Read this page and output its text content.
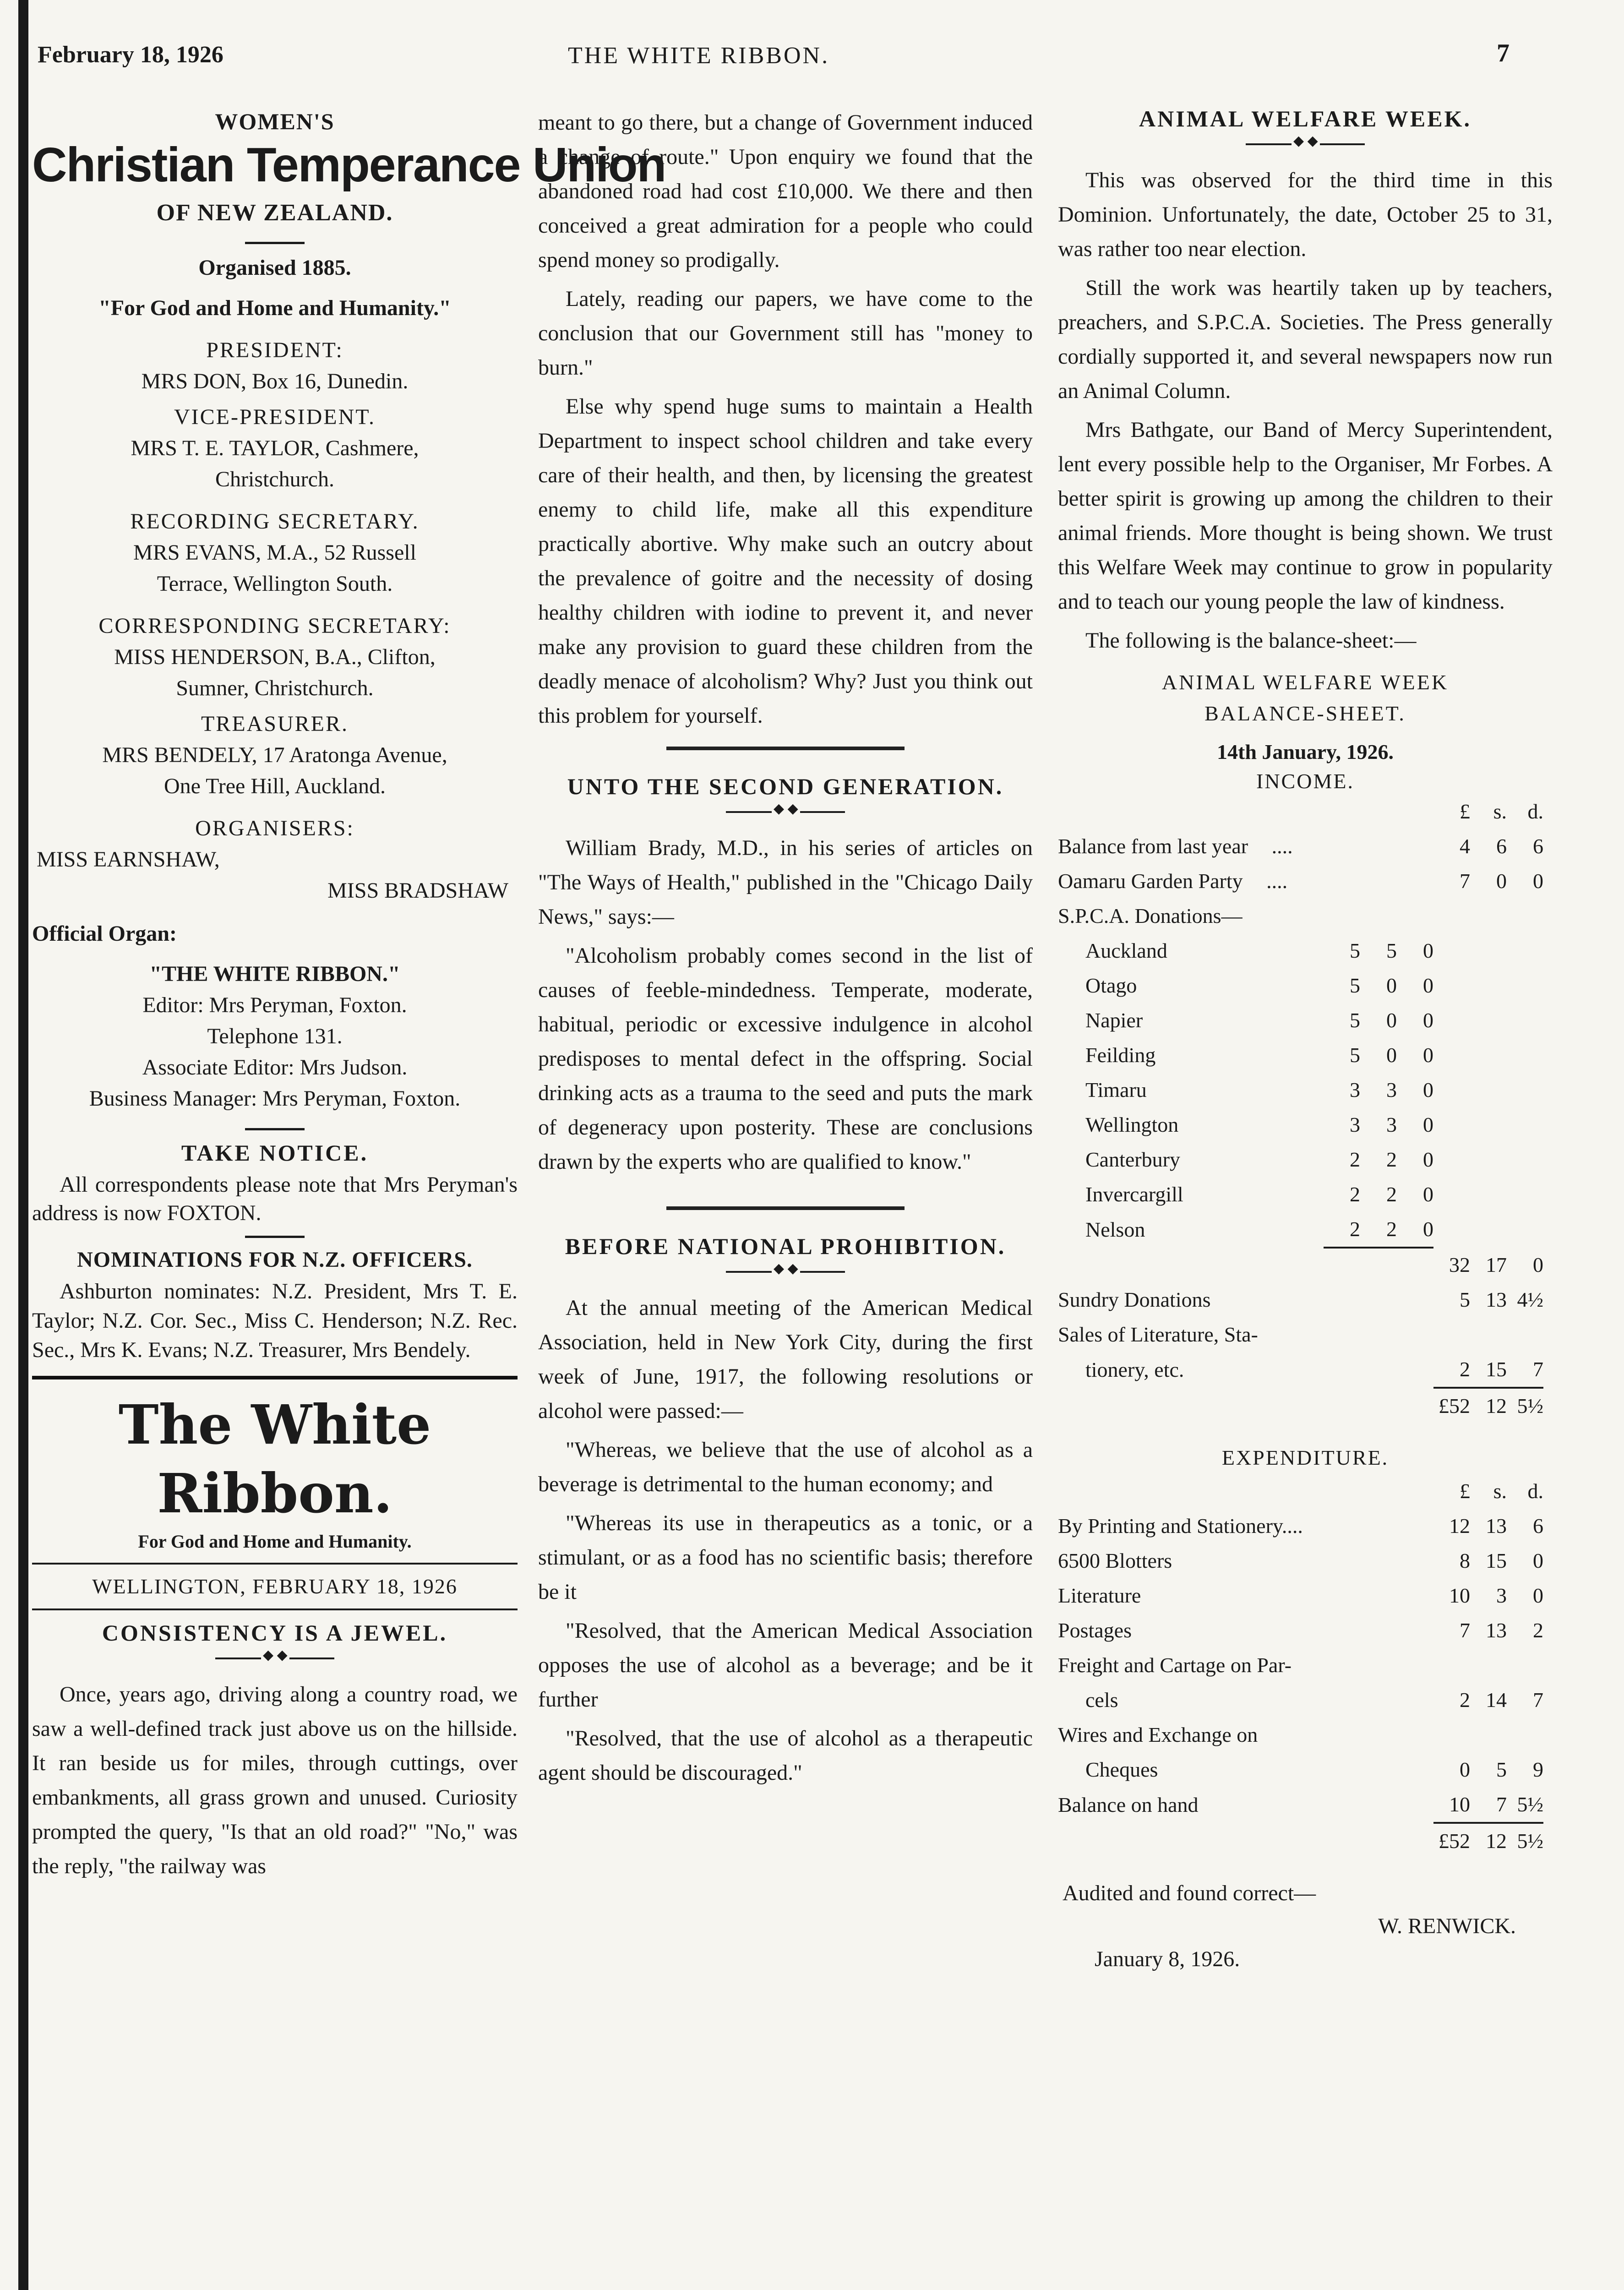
February 18, 1926	THE WHITE RIBBON.	7
WOMEN'S
Christian Temperance Union
OF NEW ZEALAND.
Organised 1885.
"For God and Home and Humanity."
PRESIDENT:
MRS DON, Box 16, Dunedin.
VICE-PRESIDENT.
MRS T. E. TAYLOR, Cashmere,
Christchurch.
RECORDING SECRETARY.
MRS EVANS, M.A., 52 Russell
Terrace, Wellington South.
CORRESPONDING SECRETARY:
MISS HENDERSON, B.A., Clifton,
Sumner, Christchurch.
TREASURER.
MRS BENDELY, 17 Aratonga Avenue,
One Tree Hill, Auckland.
ORGANISERS:
MISS EARNSHAW,
MISS BRADSHAW
Official Organ:
"THE WHITE RIBBON."
Editor: Mrs Peryman, Foxton.
Telephone 131.
Associate Editor: Mrs Judson.
Business Manager: Mrs Peryman, Foxton.
TAKE NOTICE.

All correspondents please note that Mrs Peryman's address is now FOXTON.

NOMINATIONS FOR N.Z. OFFICERS.

Ashburton nominates: N.Z. President, Mrs T. E. Taylor; N.Z. Cor. Sec., Miss C. Henderson; N.Z. Rec. Sec., Mrs K. Evans; N.Z. Treasurer, Mrs Bendely.

The White Ribbon.
For God and Home and Humanity.
WELLINGTON, FEBRUARY 18, 1926
CONSISTENCY IS A JEWEL.
◆ ◆

Once, years ago, driving along a country road, we saw a well-defined track just above us on the hillside. It ran beside us for miles, through cuttings, over embankments, all grass grown and unused. Curiosity prompted the query, "Is that an old road?" "No," was the reply, "the railway was

meant to go there, but a change of Government induced a change of route." Upon enquiry we found that the abandoned road had cost £10,000. We there and then conceived a great admiration for a people who could spend money so prodigally.

Lately, reading our papers, we have come to the conclusion that our Government still has "money to burn."

Else why spend huge sums to maintain a Health Department to inspect school children and take every care of their health, and then, by licensing the greatest enemy to child life, make all this expenditure practically abortive. Why make such an outcry about the prevalence of goitre and the necessity of dosing healthy children with iodine to prevent it, and never make any provision to guard these children from the deadly menace of alcoholism? Why? Just you think out this problem for yourself.

UNTO THE SECOND GENERATION.
◆ ◆

William Brady, M.D., in his series of articles on "The Ways of Health," published in the "Chicago Daily News," says:—

"Alcoholism probably comes second in the list of causes of feeble-mindedness. Temperate, moderate, habitual, periodic or excessive indulgence in alcohol predisposes to mental defect in the offspring. Social drinking acts as a trauma to the seed and puts the mark of degeneracy upon posterity. These are conclusions drawn by the experts who are qualified to know."

BEFORE NATIONAL PROHIBITION.
◆ ◆

At the annual meeting of the American Medical Association, held in New York City, during the first week of June, 1917, the following resolutions or alcohol were passed:—

"Whereas, we believe that the use of alcohol as a beverage is detrimental to the human economy; and

"Whereas its use in therapeutics as a tonic, or a stimulant, or as a food has no scientific basis; therefore be it

"Resolved, that the American Medical Association opposes the use of alcohol as a beverage; and be it further

"Resolved, that the use of alcohol as a therapeutic agent should be discouraged."

ANIMAL WELFARE WEEK.
◆ ◆

This was observed for the third time in this Dominion. Unfortunately, the date, October 25 to 31, was rather too near election.

Still the work was heartily taken up by teachers, preachers, and S.P.C.A. Societies. The Press generally cordially supported it, and several newspapers now run an Animal Column.

Mrs Bathgate, our Band of Mercy Superintendent, lent every possible help to the Organiser, Mr Forbes. A better spirit is growing up among the children to their animal friends. More thought is being shown. We trust this Welfare Week may continue to grow in popularity and to teach our young people the law of kindness.

The following is the balance-sheet:—

ANIMAL WELFARE WEEK
BALANCE-SHEET.
14th January, 1926.
INCOME.
				£	s.	d.
Balance from last year ....				4	6	6
Oamaru Garden Party ....				7	0	0
S.P.C.A. Donations—						
Auckland	5	5	0			
Otago	5	0	0			
Napier	5	0	0			
Feilding	5	0	0			
Timaru	3	3	0			
Wellington	3	3	0			
Canterbury	2	2	0			
Invercargill	2	2	0			
Nelson	2	2	0			
				32	17	0
Sundry Donations				5	13	4½
Sales of Literature, Sta-						
tionery, etc.				2	15	7
				£52	12	5½
EXPENDITURE.
	£	s.	d.
By Printing and Stationery....	12	13	6
6500 Blotters	8	15	0
Literature	10	3	0
Postages	7	13	2
Freight and Cartage on Par-			
cels	2	14	7
Wires and Exchange on			
Cheques	0	5	9
Balance on hand	10	7	5½
	£52	12	5½
Audited and found correct—
W. RENWICK.
January 8, 1926.
